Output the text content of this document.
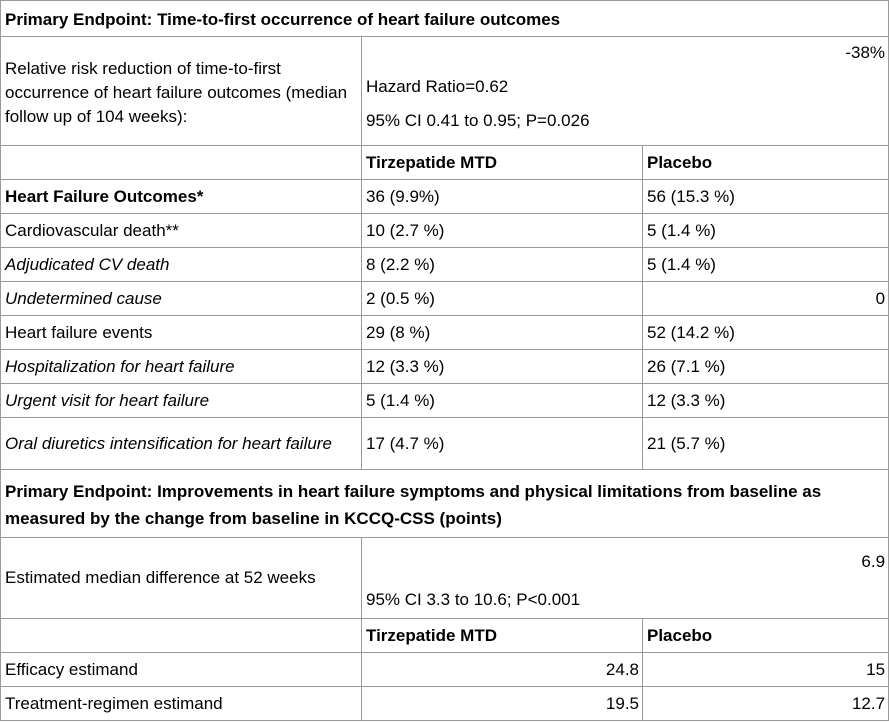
Primary Endpoint: Time-to-first occurrence of heart failure outcomes		
Relative risk reduction of time-to-first occurrence of heart failure outcomes (median follow up of 104 weeks):	-38%
Hazard Ratio=0.62
95% CI 0.41 to 0.95; P=0.026	

	Tirzepatide MTD	Placebo
Heart Failure Outcomes*	36 (9.9%)	56 (15.3 %)
Cardiovascular death**	10 (2.7 %)	5 (1.4 %)
Adjudicated CV death	8 (2.2 %)	5 (1.4 %)
Undetermined cause	2 (0.5 %)	0
Heart failure events	29 (8 %)	52 (14.2 %)
Hospitalization for heart failure	12 (3.3 %)	26 (7.1 %)
Urgent visit for heart failure	5 (1.4 %)	12 (3.3 %)
Oral diuretics intensification for heart failure	17 (4.7 %)	21 (5.7 %)
Primary Endpoint: Improvements in heart failure symptoms and physical limitations from baseline as measured by the change from baseline in KCCQ-CSS (points)		
Estimated median difference at 52 weeks	6.9
95% CI 3.3 to 10.6; P<0.001	

	Tirzepatide MTD	Placebo
Efficacy estimand	24.8	15
Treatment-regimen estimand	19.5	12.7
